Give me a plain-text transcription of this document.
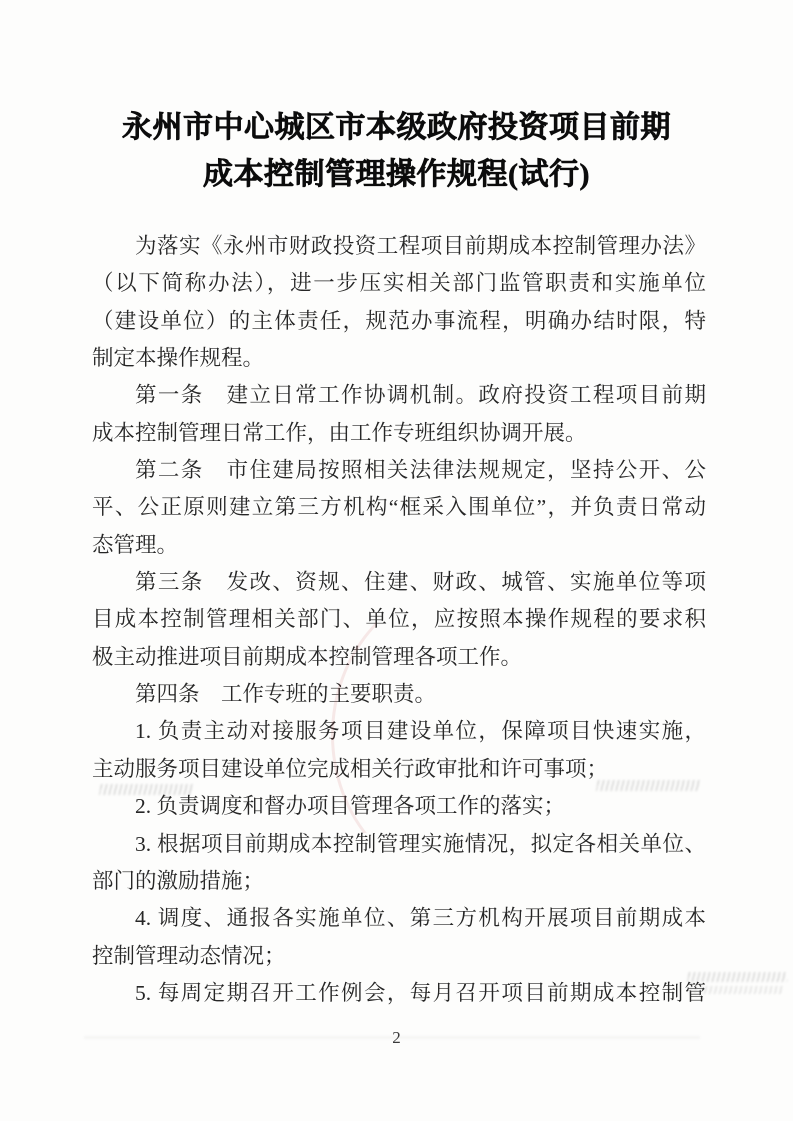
永州市中心城区市本级政府投资项目前期
成本控制管理操作规程(试行)
为落实《永州市财政投资工程项目前期成本控制管理办法》
（以下简称办法），进一步压实相关部门监管职责和实施单位
（建设单位）的主体责任，规范办事流程，明确办结时限，特
制定本操作规程。
第一条　建立日常工作协调机制。政府投资工程项目前期
成本控制管理日常工作，由工作专班组织协调开展。
第二条　市住建局按照相关法律法规规定，坚持公开、公
平、公正原则建立第三方机构“框采入围单位”，并负责日常动
态管理。
第三条　发改、资规、住建、财政、城管、实施单位等项
目成本控制管理相关部门、单位，应按照本操作规程的要求积
极主动推进项目前期成本控制管理各项工作。
第四条　工作专班的主要职责。
1. 负责主动对接服务项目建设单位，保障项目快速实施，
主动服务项目建设单位完成相关行政审批和许可事项；
2. 负责调度和督办项目管理各项工作的落实；
3. 根据项目前期成本控制管理实施情况，拟定各相关单位、
部门的激励措施；
4. 调度、通报各实施单位、第三方机构开展项目前期成本
控制管理动态情况；
5. 每周定期召开工作例会，每月召开项目前期成本控制管
2
